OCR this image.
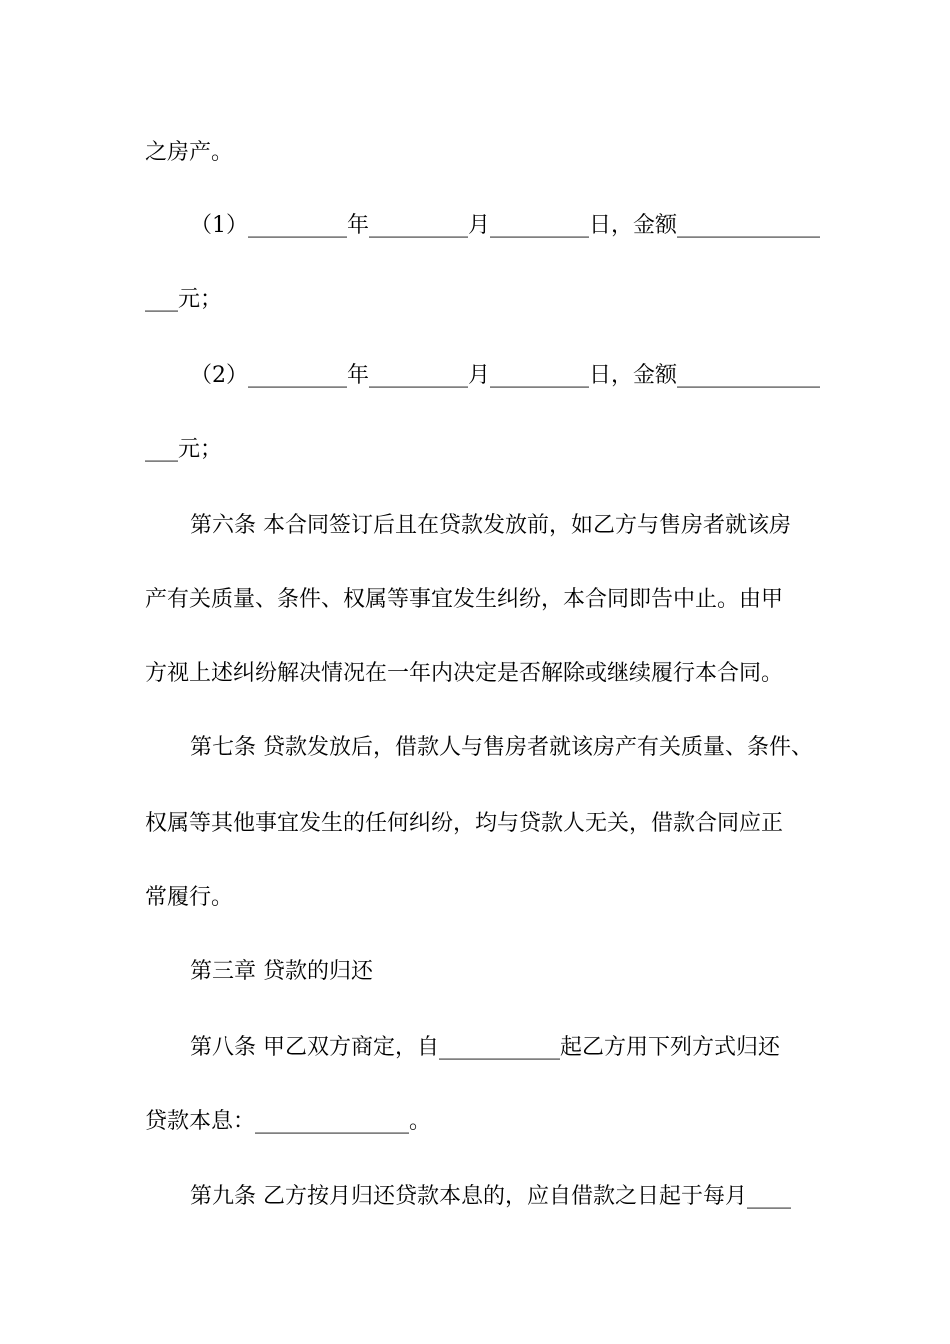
之房产。
（1）_________年_________月_________日，金额_____________
___元；
（2）_________年_________月_________日，金额_____________
___元；
第六条 本合同签订后且在贷款发放前，如乙方与售房者就该房
产有关质量、条件、权属等事宜发生纠纷，本合同即告中止。由甲
方视上述纠纷解决情况在一年内决定是否解除或继续履行本合同。
第七条 贷款发放后，借款人与售房者就该房产有关质量、条件、
权属等其他事宜发生的任何纠纷，均与贷款人无关，借款合同应正
常履行。
第三章 贷款的归还
第八条 甲乙双方商定，自___________起乙方用下列方式归还
贷款本息：______________。
第九条 乙方按月归还贷款本息的，应自借款之日起于每月____
